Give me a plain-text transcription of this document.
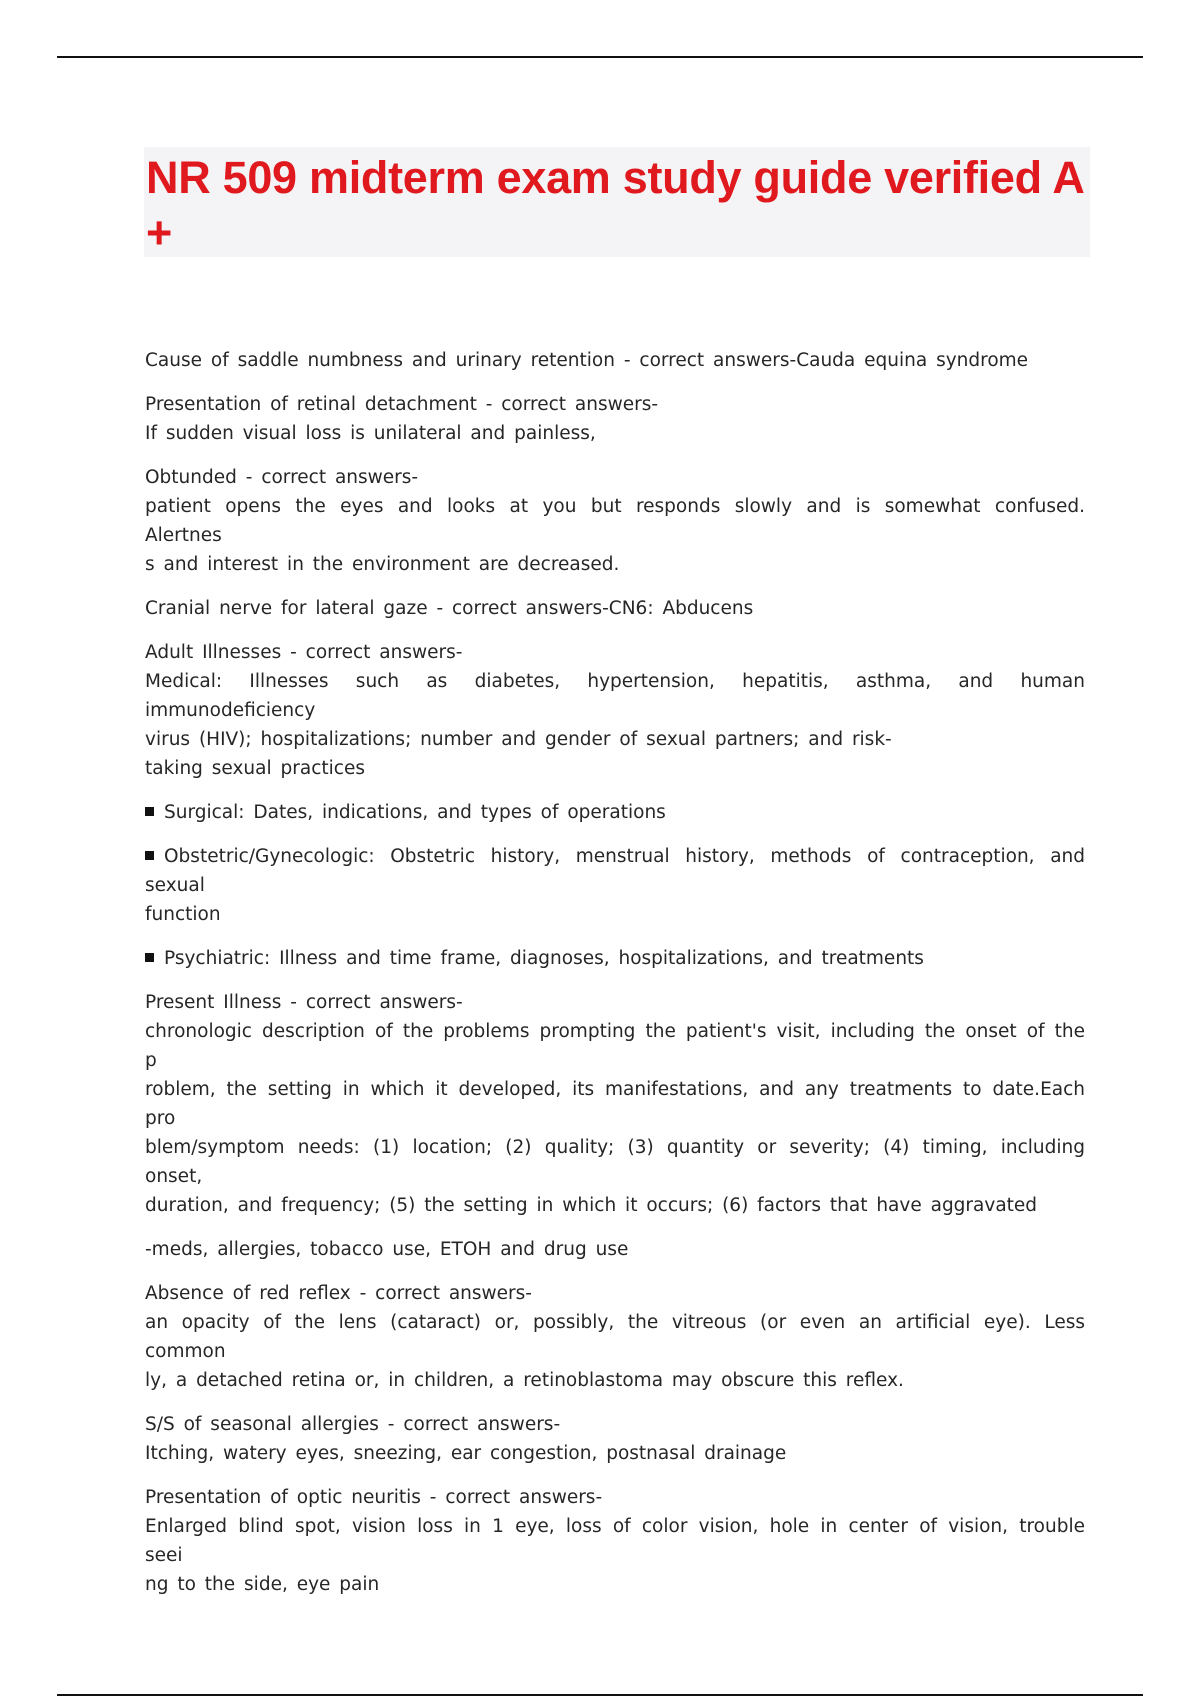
NR 509 midterm exam study guide verified A+
Cause of saddle numbness and urinary retention - correct answers-Cauda equina syndrome
Presentation of retinal detachment - correct answers-
If sudden visual loss is unilateral and painless,
Obtunded - correct answers-
patient opens the eyes and looks at you but responds slowly and is somewhat confused. Alertnes
s and interest in the environment are decreased.
Cranial nerve for lateral gaze - correct answers-CN6: Abducens
Adult Illnesses - correct answers-
Medical: Illnesses such as diabetes, hypertension, hepatitis, asthma, and human immunodeficiency
virus (HIV); hospitalizations; number and gender of sexual partners; and risk-
taking sexual practices
Surgical: Dates, indications, and types of operations
Obstetric/Gynecologic: Obstetric history, menstrual history, methods of contraception, and sexual

function
Psychiatric: Illness and time frame, diagnoses, hospitalizations, and treatments
Present Illness - correct answers-
chronologic description of the problems prompting the patient's visit, including the onset of the p
roblem, the setting in which it developed, its manifestations, and any treatments to date.Each pro
blem/symptom needs: (1) location; (2) quality; (3) quantity or severity; (4) timing, including onset,
duration, and frequency; (5) the setting in which it occurs; (6) factors that have aggravated
-meds, allergies, tobacco use, ETOH and drug use
Absence of red reflex - correct answers-
an opacity of the lens (cataract) or, possibly, the vitreous (or even an artificial eye). Less common
ly, a detached retina or, in children, a retinoblastoma may obscure this reflex.
S/S of seasonal allergies - correct answers-
Itching, watery eyes, sneezing, ear congestion, postnasal drainage
Presentation of optic neuritis - correct answers-
Enlarged blind spot, vision loss in 1 eye, loss of color vision, hole in center of vision, trouble seei
ng to the side, eye pain
